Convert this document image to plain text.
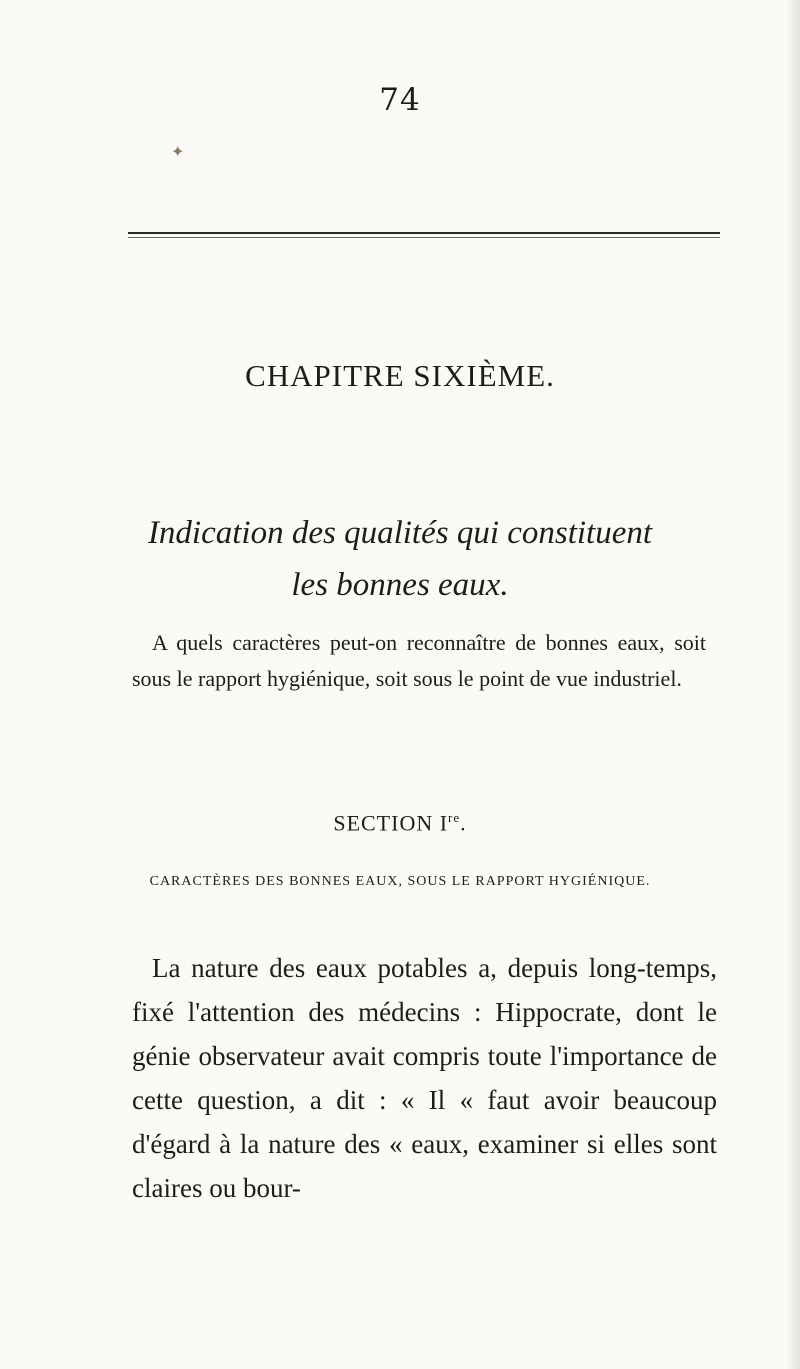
74
✦
CHAPITRE SIXIÈME.
Indication des qualités qui constituent
les bonnes eaux.
A quels caractères peut-on reconnaître de bonnes eaux, soit sous le rapport hygiénique, soit sous le point de vue industriel.
SECTION Ire.
CARACTÈRES DES BONNES EAUX, SOUS LE RAPPORT HYGIÉNIQUE.

La nature des eaux potables a, depuis long-temps, fixé l'attention des médecins : Hippocrate, dont le génie observateur avait compris toute l'importance de cette question, a dit : « Il « faut avoir beaucoup d'égard à la nature des « eaux, examiner si elles sont claires ou bour-
